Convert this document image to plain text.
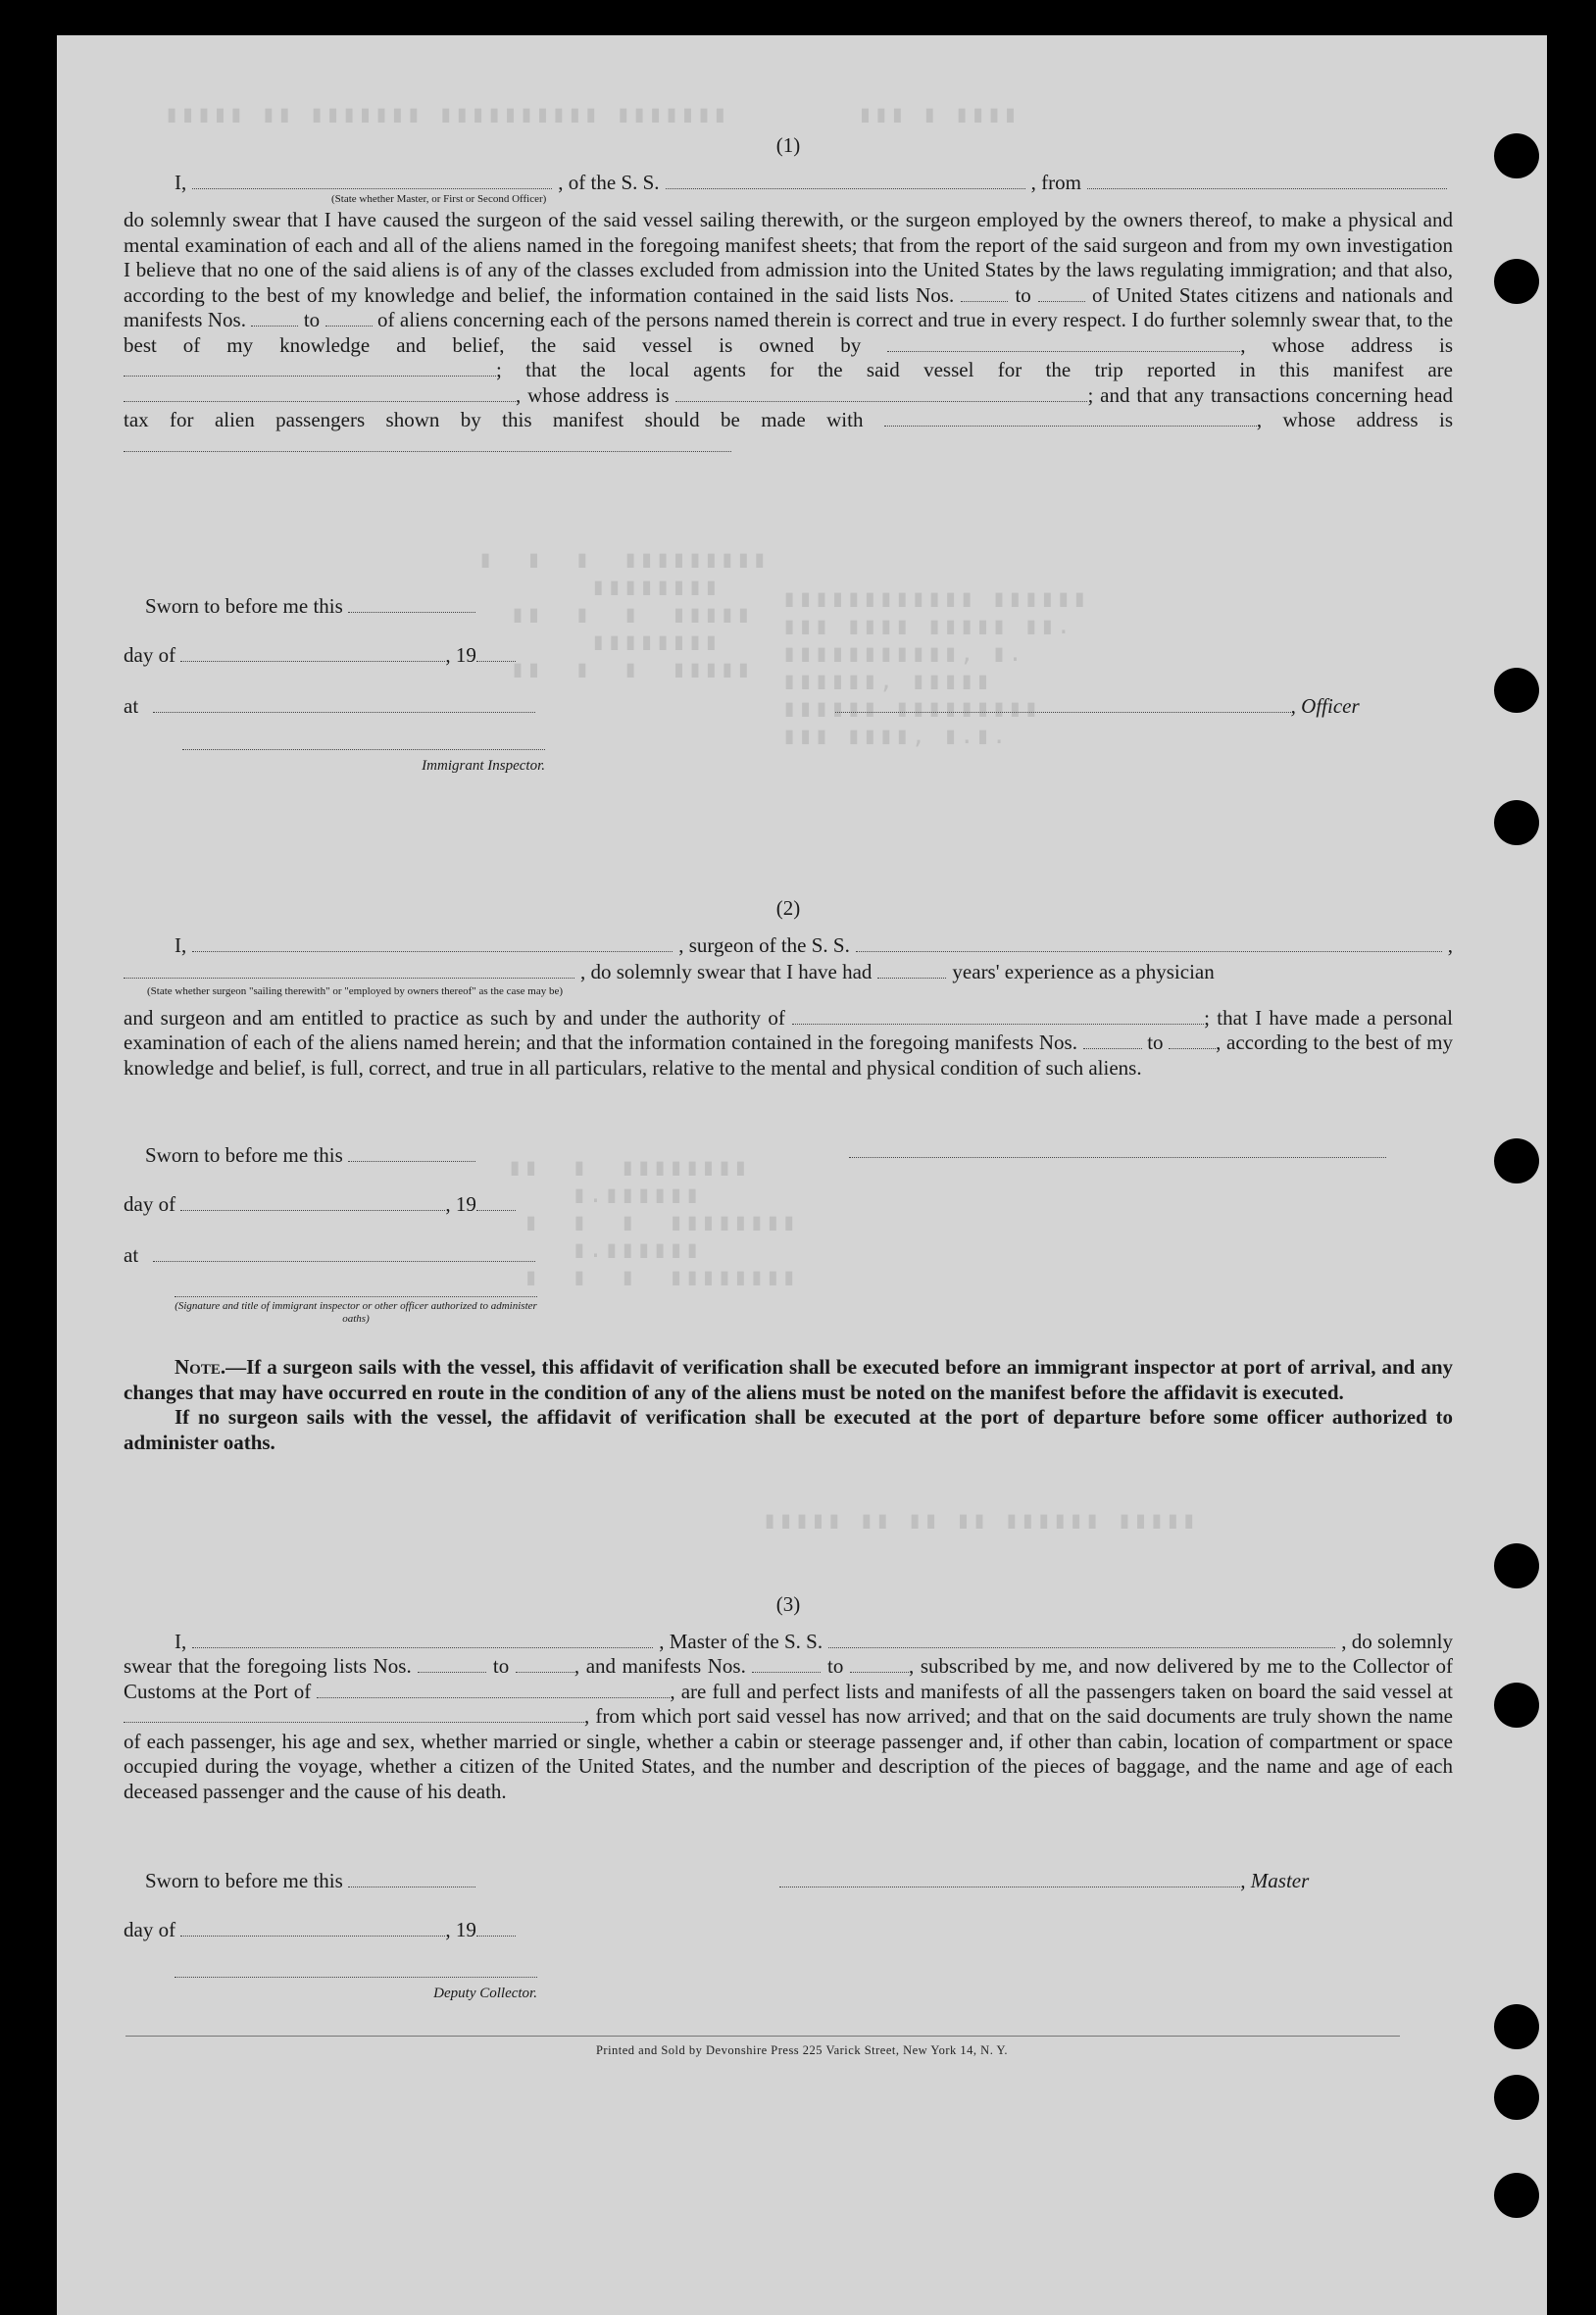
▮▮▮▮▮ ▮▮ ▮▮▮▮▮▮▮ ▮▮▮▮▮▮▮▮▮▮ ▮▮▮▮▮▮▮        ▮▮▮ ▮ ▮▮▮▮
▮  ▮  ▮  ▮▮▮▮▮▮▮▮▮
▮▮▮▮▮▮▮▮
▮▮  ▮  ▮  ▮▮▮▮▮
▮▮▮▮▮▮▮▮
▮▮  ▮  ▮  ▮▮▮▮▮
▮▮▮▮▮▮▮▮▮▮▮▮ ▮▮▮▮▮▮
▮▮▮ ▮▮▮▮ ▮▮▮▮▮ ▮▮.
▮▮▮▮▮▮▮▮▮▮▮, ▮.
▮▮▮▮▮▮, ▮▮▮▮▮
▮▮▮▮▮▮ ▮▮▮▮▮▮▮▮▮
▮▮▮ ▮▮▮▮, ▮.▮.
▮▮  ▮  ▮▮▮▮▮▮▮▮
▮.▮▮▮▮▮▮
▮  ▮  ▮  ▮▮▮▮▮▮▮▮
▮.▮▮▮▮▮▮
▮  ▮  ▮  ▮▮▮▮▮▮▮▮
▮▮▮▮▮ ▮▮ ▮▮ ▮▮ ▮▮▮▮▮▮ ▮▮▮▮▮
(1)
I,	, of the S. S.	, from
(State whether Master, or First or Second Officer)
do solemnly swear that I have caused the surgeon of the said vessel sailing therewith, or the surgeon employed by the owners thereof, to make a physical and mental examination of each and all of the aliens named in the foregoing manifest sheets; that from the report of the said surgeon and from my own investigation I believe that no one of the said aliens is of any of the classes excluded from admission into the United States by the laws regulating immigration; and that also, according to the best of my knowledge and belief, the information contained in the said lists Nos.	to	of United States citizens and nationals and manifests Nos.	to	of aliens concerning each of the persons named therein is correct and true in every respect. I do further solemnly swear that, to the best of my knowledge and belief, the said vessel is owned by	, whose address is ; that the local agents for the said vessel for the trip reported in this manifest are , whose address is	; and that any transactions concerning head tax for alien passengers shown by this manifest should be made with	, whose address is
Sworn to before me this
day of	, 19
at	, Officer
Immigrant Inspector.
(2)
I,	, surgeon of the S. S.	,
, do solemnly swear that I have had	years' experience as a physician
(State whether surgeon "sailing therewith" or "employed by owners thereof" as the case may be)
and surgeon and am entitled to practice as such by and under the authority of	; that I have made a personal examination of each of the aliens named herein; and that the information contained in the foregoing manifests Nos.	to	, according to the best of my knowledge and belief, is full, correct, and true in all particulars, relative to the mental and physical condition of such aliens.
Sworn to before me this
day of	, 19
at
(Signature and title of immigrant inspector or other officer authorized to administer oaths)
Note.—If a surgeon sails with the vessel, this affidavit of verification shall be executed before an immigrant inspector at port of arrival, and any changes that may have occurred en route in the condition of any of the aliens must be noted on the manifest before the affidavit is executed.
If no surgeon sails with the vessel, the affidavit of verification shall be executed at the port of departure before some officer authorized to administer oaths.
(3)
I,	, Master of the S. S.	, do solemnly
swear that the foregoing lists Nos.	to	, and manifests Nos.	to	, subscribed by me, and now delivered by me to the Collector of Customs at the Port of	, are full and perfect lists and manifests of all the passengers taken on board the said vessel at , from which port said vessel has now arrived; and that on the said documents are truly shown the name of each passenger, his age and sex, whether married or single, whether a cabin or steerage passenger and, if other than cabin, location of compartment or space occupied during the voyage, whether a citizen of the United States, and the number and description of the pieces of baggage, and the name and age of each deceased passenger and the cause of his death.
Sworn to before me this	, Master
day of	, 19
Deputy Collector.
Printed and Sold by Devonshire Press 225 Varick Street, New York 14, N. Y.
